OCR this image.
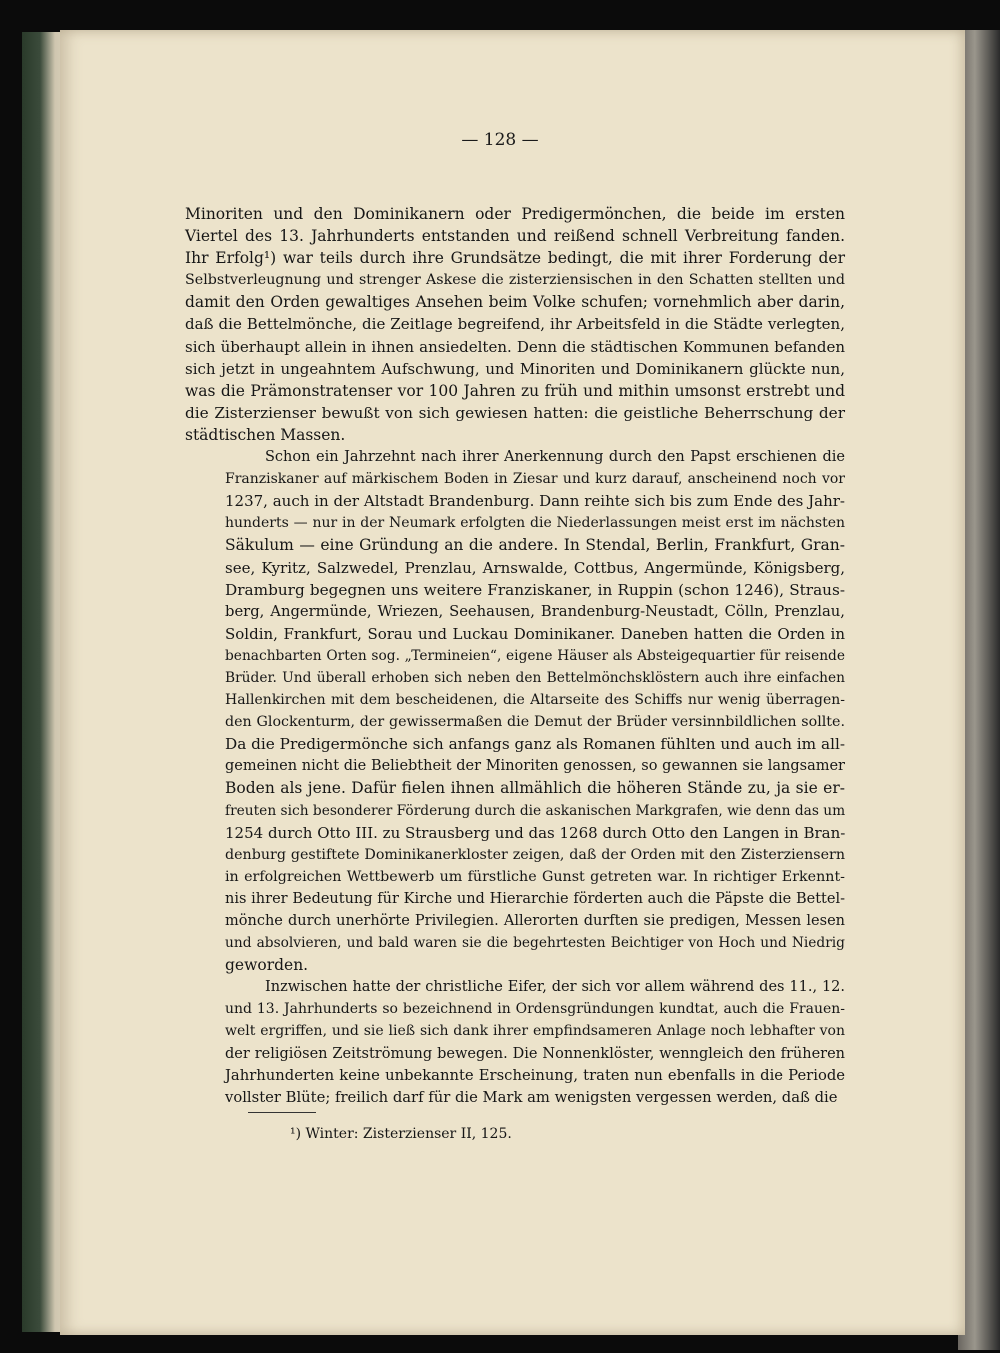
— 128 —

Minoriten und den Dominikanern oder Predigermönchen, die beide im ersten
Viertel des 13. Jahrhunderts entstanden und reißend schnell Verbreitung fanden.
Ihr Erfolg¹) war teils durch ihre Grundsätze bedingt, die mit ihrer Forderung der
Selbstverleugnung und strenger Askese die zisterziensischen in den Schatten stellten und
damit den Orden gewaltiges Ansehen beim Volke schufen; vornehmlich aber darin,
daß die Bettelmönche, die Zeitlage begreifend, ihr Arbeitsfeld in die Städte verlegten,
sich überhaupt allein in ihnen ansiedelten. Denn die städtischen Kommunen befanden
sich jetzt in ungeahntem Aufschwung, und Minoriten und Dominikanern glückte nun,
was die Prämonstratenser vor 100 Jahren zu früh und mithin umsonst erstrebt und
die Zisterzienser bewußt von sich gewiesen hatten: die geistliche Beherrschung der
städtischen Massen.

Schon ein Jahrzehnt nach ihrer Anerkennung durch den Papst erschienen die
Franziskaner auf märkischem Boden in Ziesar und kurz darauf, anscheinend noch vor
1237, auch in der Altstadt Brandenburg. Dann reihte sich bis zum Ende des Jahr-
hunderts — nur in der Neumark erfolgten die Niederlassungen meist erst im nächsten
Säkulum — eine Gründung an die andere. In Stendal, Berlin, Frankfurt, Gran-
see, Kyritz, Salzwedel, Prenzlau, Arnswalde, Cottbus, Angermünde, Königsberg,
Dramburg begegnen uns weitere Franziskaner, in Ruppin (schon 1246), Straus-
berg, Angermünde, Wriezen, Seehausen, Brandenburg-Neustadt, Cölln, Prenzlau,
Soldin, Frankfurt, Sorau und Luckau Dominikaner. Daneben hatten die Orden in
benachbarten Orten sog. „Termineien“, eigene Häuser als Absteigequartier für reisende
Brüder. Und überall erhoben sich neben den Bettelmönchsklöstern auch ihre einfachen
Hallenkirchen mit dem bescheidenen, die Altarseite des Schiffs nur wenig überragen-
den Glockenturm, der gewissermaßen die Demut der Brüder versinnbildlichen sollte.
Da die Predigermönche sich anfangs ganz als Romanen fühlten und auch im all-
gemeinen nicht die Beliebtheit der Minoriten genossen, so gewannen sie langsamer
Boden als jene. Dafür fielen ihnen allmählich die höheren Stände zu, ja sie er-
freuten sich besonderer Förderung durch die askanischen Markgrafen, wie denn das um
1254 durch Otto III. zu Strausberg und das 1268 durch Otto den Langen in Bran-
denburg gestiftete Dominikanerkloster zeigen, daß der Orden mit den Zisterziensern
in erfolgreichen Wettbewerb um fürstliche Gunst getreten war. In richtiger Erkennt-
nis ihrer Bedeutung für Kirche und Hierarchie förderten auch die Päpste die Bettel-
mönche durch unerhörte Privilegien. Allerorten durften sie predigen, Messen lesen
und absolvieren, und bald waren sie die begehrtesten Beichtiger von Hoch und Niedrig
geworden.

Inzwischen hatte der christliche Eifer, der sich vor allem während des 11., 12.
und 13. Jahrhunderts so bezeichnend in Ordensgründungen kundtat, auch die Frauen-
welt ergriffen, und sie ließ sich dank ihrer empfindsameren Anlage noch lebhafter von
der religiösen Zeitströmung bewegen. Die Nonnenklöster, wenngleich den früheren
Jahrhunderten keine unbekannte Erscheinung, traten nun ebenfalls in die Periode
vollster Blüte; freilich darf für die Mark am wenigsten vergessen werden, daß die

¹) Winter: Zisterzienser II, 125.
